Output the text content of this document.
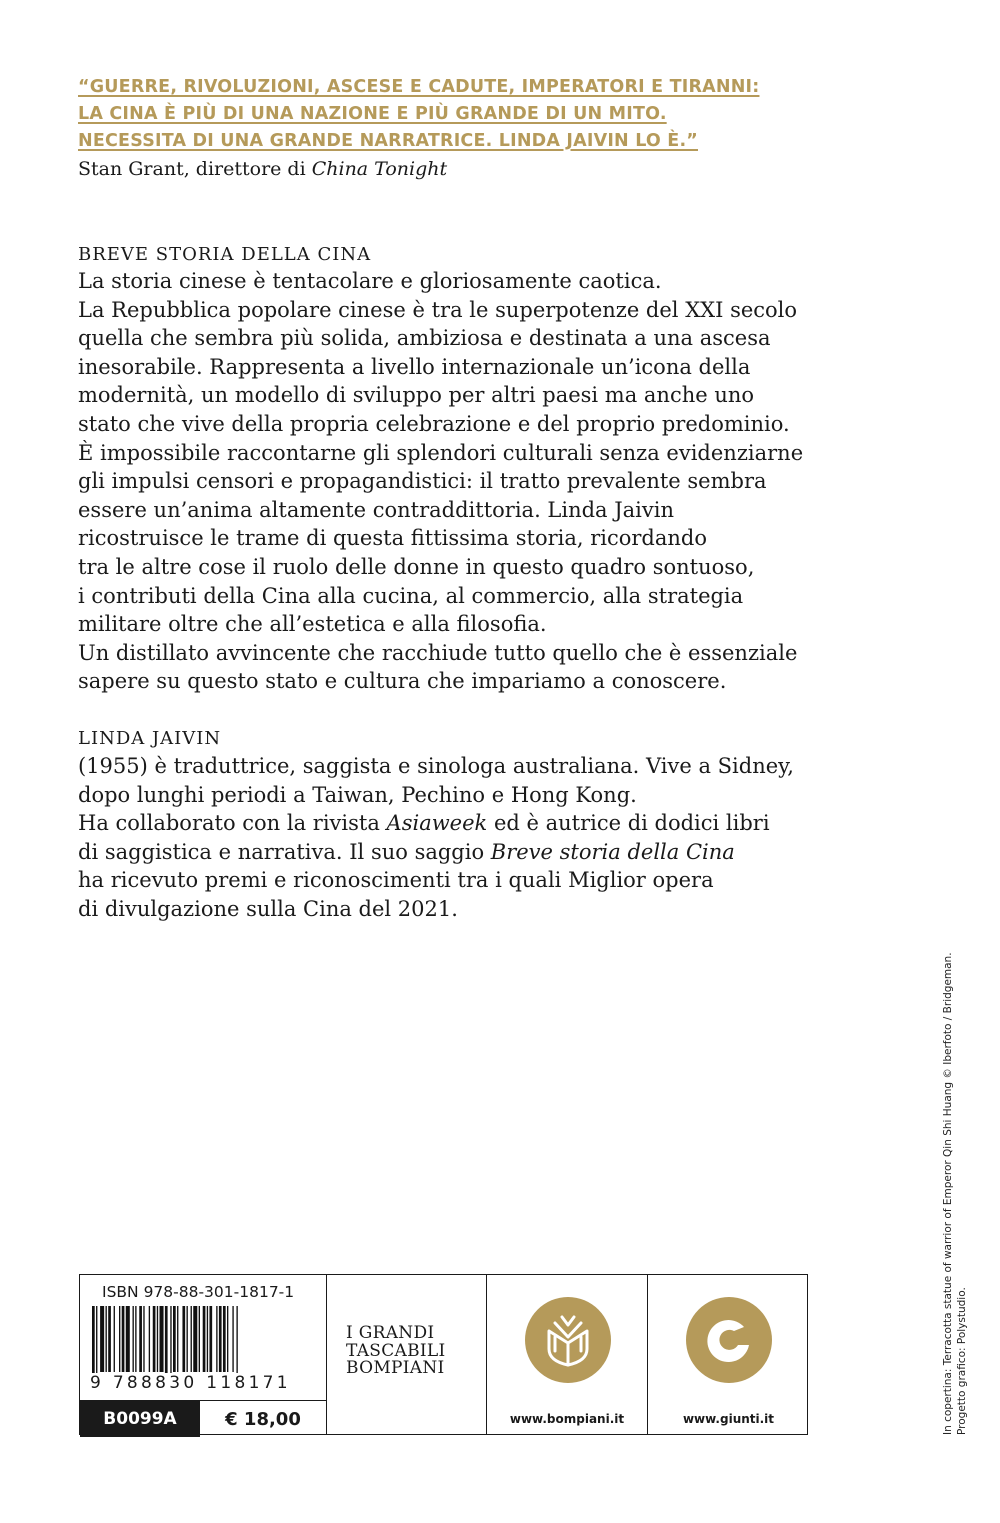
“GUERRE, RIVOLUZIONI, ASCESE E CADUTE, IMPERATORI E TIRANNI:
LA CINA È PIÙ DI UNA NAZIONE E PIÙ GRANDE DI UN MITO.
NECESSITA DI UNA GRANDE NARRATRICE. LINDA JAIVIN LO È.”
Stan Grant, direttore di China Tonight
BREVE STORIA DELLA CINA
La storia cinese è tentacolare e gloriosamente caotica.
La Repubblica popolare cinese è tra le superpotenze del XXI secolo
quella che sembra più solida, ambiziosa e destinata a una ascesa
inesorabile. Rappresenta a livello internazionale un’icona della
modernità, un modello di sviluppo per altri paesi ma anche uno
stato che vive della propria celebrazione e del proprio predominio.
È impossibile raccontarne gli splendori culturali senza evidenziarne
gli impulsi censori e propagandistici: il tratto prevalente sembra
essere un’anima altamente contraddittoria. Linda Jaivin
ricostruisce le trame di questa fittissima storia, ricordando
tra le altre cose il ruolo delle donne in questo quadro sontuoso,
i contributi della Cina alla cucina, al commercio, alla strategia
militare oltre che all’estetica e alla filosofia.
Un distillato avvincente che racchiude tutto quello che è essenziale
sapere su questo stato e cultura che impariamo a conoscere.
LINDA JAIVIN
(1955) è traduttrice, saggista e sinologa australiana. Vive a Sidney,
dopo lunghi periodi a Taiwan, Pechino e Hong Kong.
Ha collaborato con la rivista Asiaweek ed è autrice di dodici libri
di saggistica e narrativa. Il suo saggio Breve storia della Cina
ha ricevuto premi e riconoscimenti tra i quali Miglior opera
di divulgazione sulla Cina del 2021.
In copertina: Terracotta statue of warrior of Emperor Qin Shi Huang © Iberfoto / Bridgeman. Progetto grafico: Polystudio.
ISBN 978-88-301-1817-1
9 788830 118171
B0099A	€ 18,00
I GRANDI
TASCABILI
BOMPIANI
www.bompiani.it	www.giunti.it
